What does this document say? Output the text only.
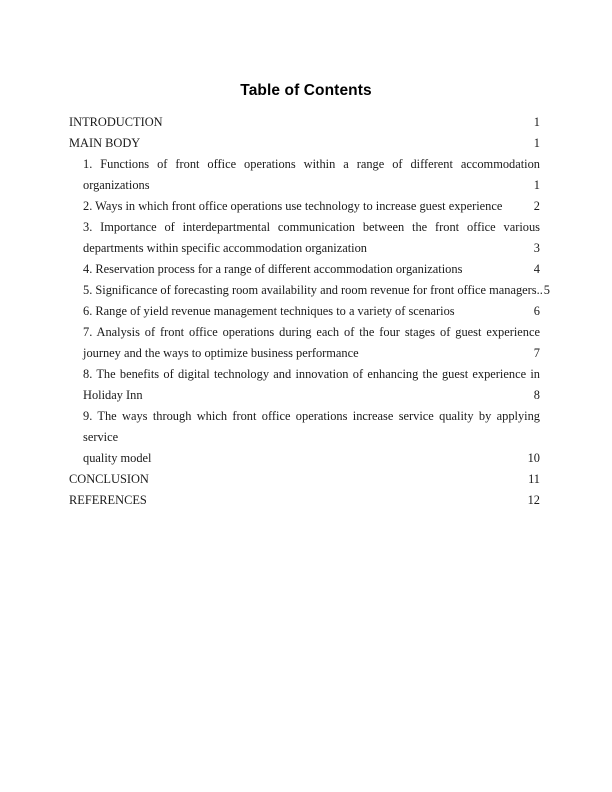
Table of Contents
INTRODUCTION .....	1
MAIN BODY .....	1
1. Functions of front office operations within a range of different accommodation
organizations .....	1
2. Ways in which front office operations use technology to increase guest experience .....	2
3. Importance of interdepartmental communication between the front office various
departments within specific accommodation organization .....	3
4. Reservation process for a range of different accommodation organizations .....	4
5. Significance of forecasting room availability and room revenue for front office managers. . 5
6. Range of yield revenue management techniques to a variety of scenarios .....	6
7. Analysis of front office operations during each of the four stages of guest experience
journey and the ways to optimize business performance .....	7
8. The benefits of digital technology and innovation of enhancing the guest experience in
Holiday Inn .....	8
9. The ways through which front office operations increase service quality by applying service
quality model .....	10
CONCLUSION .....	11
REFERENCES .....	12
